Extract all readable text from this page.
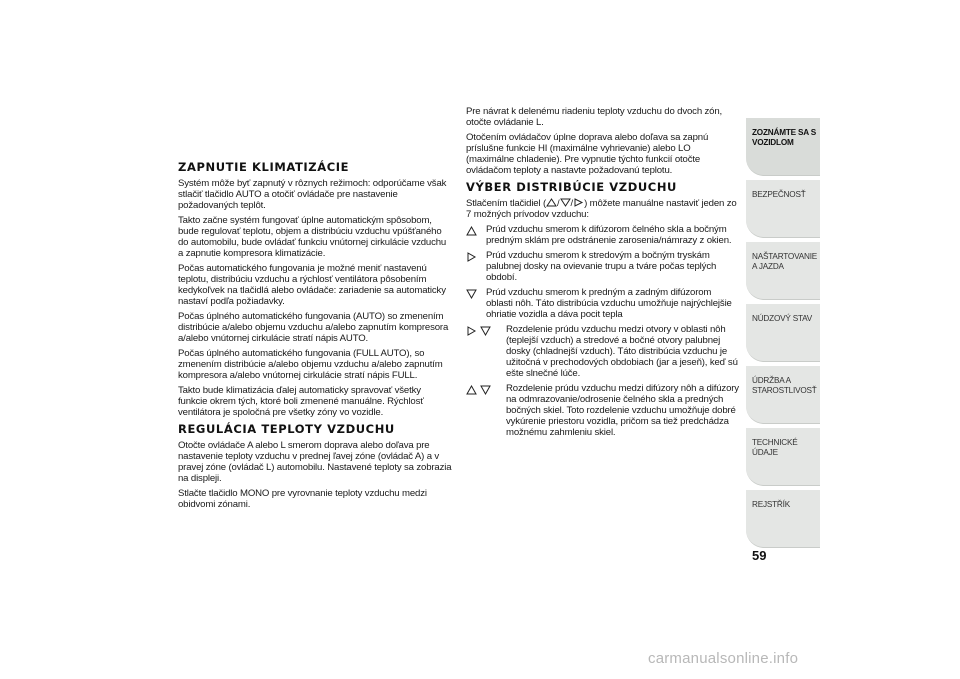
ZAPNUTIE KLIMATIZÁCIE

Systém môže byť zapnutý v rôznych režimoch: odporúčame však stlačiť tlačidlo AUTO a otočiť ovládače pre nastavenie požadovaných teplôt.

Takto začne systém fungovať úplne automatickým spôsobom, bude regulovať teplotu, objem a distribúciu vzduchu vpúšťaného do automobilu, bude ovládať funkciu vnútornej cirkulácie vzduchu a zapnutie kompresora klimatizácie.

Počas automatického fungovania je možné meniť nastavenú teplotu, distribúciu vzduchu a rýchlosť ventilátora pôsobením kedykoľvek na tlačidlá alebo ovládače: zariadenie sa automaticky nastaví podľa požiadavky.

Počas úplného automatického fungovania (AUTO) so zmenením distribúcie a/alebo objemu vzduchu a/alebo zapnutím kompresora a/alebo vnútornej cirkulácie stratí nápis AUTO.

Počas úplného automatického fungovania (FULL AUTO), so zmenením distribúcie a/alebo objemu vzduchu a/alebo zapnutím kompresora a/alebo vnútornej cirkulácie stratí nápis FULL.

Takto bude klimatizácia ďalej automaticky spravovať všetky funkcie okrem tých, ktoré boli zmenené manuálne. Rýchlosť ventilátora je spoločná pre všetky zóny vo vozidle.

REGULÁCIA TEPLOTY VZDUCHU

Otočte ovládače A alebo L smerom doprava alebo doľava pre nastavenie teploty vzduchu v prednej ľavej zóne (ovládač A) a v pravej zóne (ovládač L) automobilu. Nastavené teploty sa zobrazia na displeji.

Stlačte tlačidlo MONO pre vyrovnanie teploty vzduchu medzi obidvomi zónami.

Pre návrat k delenému riadeniu teploty vzduchu do dvoch zón, otočte ovládanie L.

Otočením ovládačov úplne doprava alebo doľava sa zapnú príslušne funkcie HI (maximálne vyhrievanie) alebo LO (maximálne chladenie). Pre vypnutie týchto funkcií otočte ovládačom teploty a nastavte požadovanú teplotu.

VÝBER DISTRIBÚCIE VZDUCHU

Stlačením tlačidiel ( / / ) môžete manuálne nastaviť jeden zo 7 možných prívodov vzduchu:

Prúd vzduchu smerom k difúzorom čelného skla a bočným predným sklám pre odstránenie zarosenia/námrazy z okien.
Prúd vzduchu smerom k stredovým a bočným tryskám palubnej dosky na ovievanie trupu a tváre počas teplých období.
Prúd vzduchu smerom k predným a zadným difúzorom oblasti nôh. Táto distribúcia vzduchu umožňuje najrýchlejšie ohriatie vozidla a dáva pocit tepla
Rozdelenie prúdu vzduchu medzi otvory v oblasti nôh (teplejší vzduch) a stredové a bočné otvory palubnej dosky (chladnejší vzduch). Táto distribúcia vzduchu je užitočná v prechodových obdobiach (jar a jeseň), keď sú ešte slnečné lúče.
Rozdelenie prúdu vzduchu medzi difúzory nôh a difúzory na odmrazovanie/odrosenie čelného skla a predných bočných skiel. Toto rozdelenie vzduchu umožňuje dobré vykúrenie priestoru vozidla, pričom sa tiež predchádza možnému zahmleniu skiel.
ZOZNÁMTE SA S VOZIDLOM
BEZPEČNOSŤ
NAŠTARTOVANIE A JAZDA
NÚDZOVÝ STAV
ÚDRŽBA A STAROSTLIVOSŤ
TECHNICKÉ ÚDAJE
REJSTŘÍK
59
carmanualsonline.info
